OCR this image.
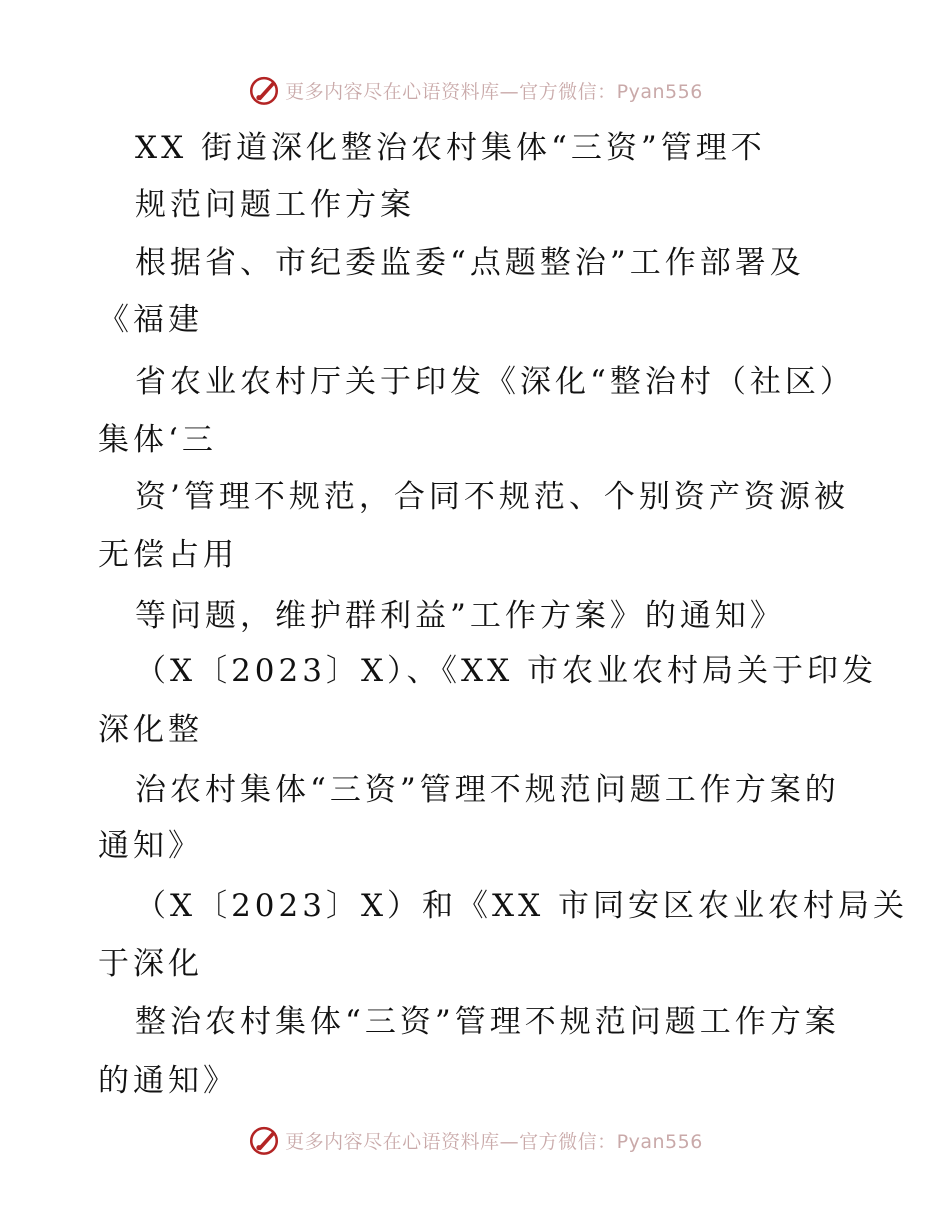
更多内容尽在心语资料库—官方微信：Pyan556
XX 街道深化整治农村集体“三资”管理不
规范问题工作方案
根据省、市纪委监委“点题整治”工作部署及
《福建
省农业农村厅关于印发《深化“整治村（社区）
集体‘三
资’管理不规范，合同不规范、个别资产资源被
无偿占用
等问题，维护群利益”工作方案》的通知》
（X〔2023〕X）、《XX 市农业农村局关于印发
深化整
治农村集体“三资”管理不规范问题工作方案的
通知》
（X〔2023〕X）和《XX 市同安区农业农村局关
于深化
整治农村集体“三资”管理不规范问题工作方案
的通知》
更多内容尽在心语资料库—官方微信：Pyan556
